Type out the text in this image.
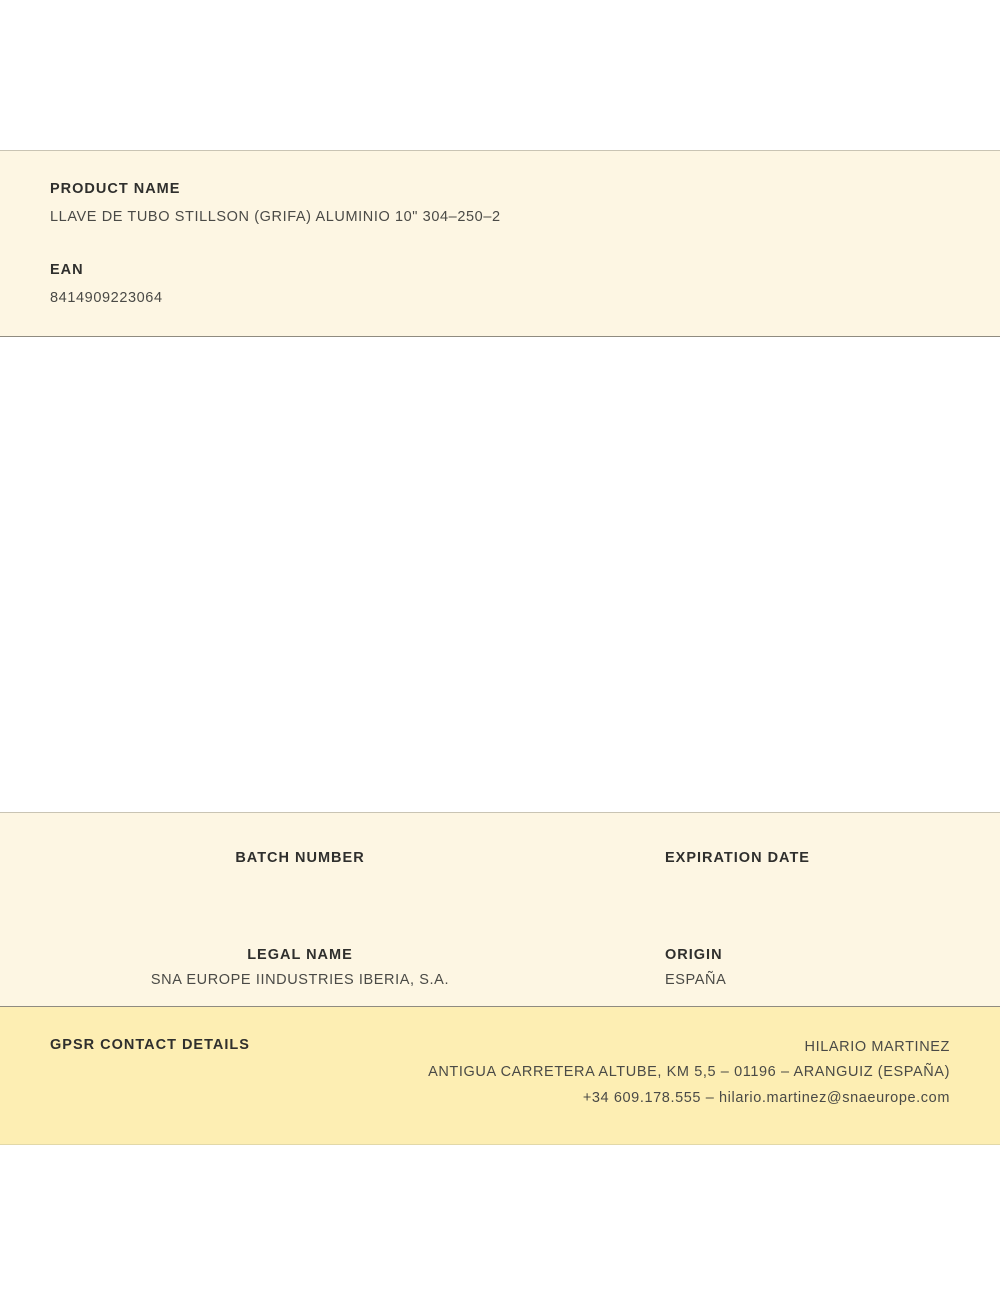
PRODUCT NAME
LLAVE DE TUBO STILLSON (GRIFA) ALUMINIO 10" 304–250–2
EAN
8414909223064
BATCH NUMBER	EXPIRATION DATE
LEGAL NAME
SNA EUROPE IINDUSTRIES IBERIA, S.A.
ORIGIN
ESPAÑA
GPSR CONTACT DETAILS	HILARIO MARTINEZ
ANTIGUA CARRETERA ALTUBE, KM 5,5 – 01196 – ARANGUIZ (ESPAÑA)
+34 609.178.555 – hilario.martinez@snaeurope.com
